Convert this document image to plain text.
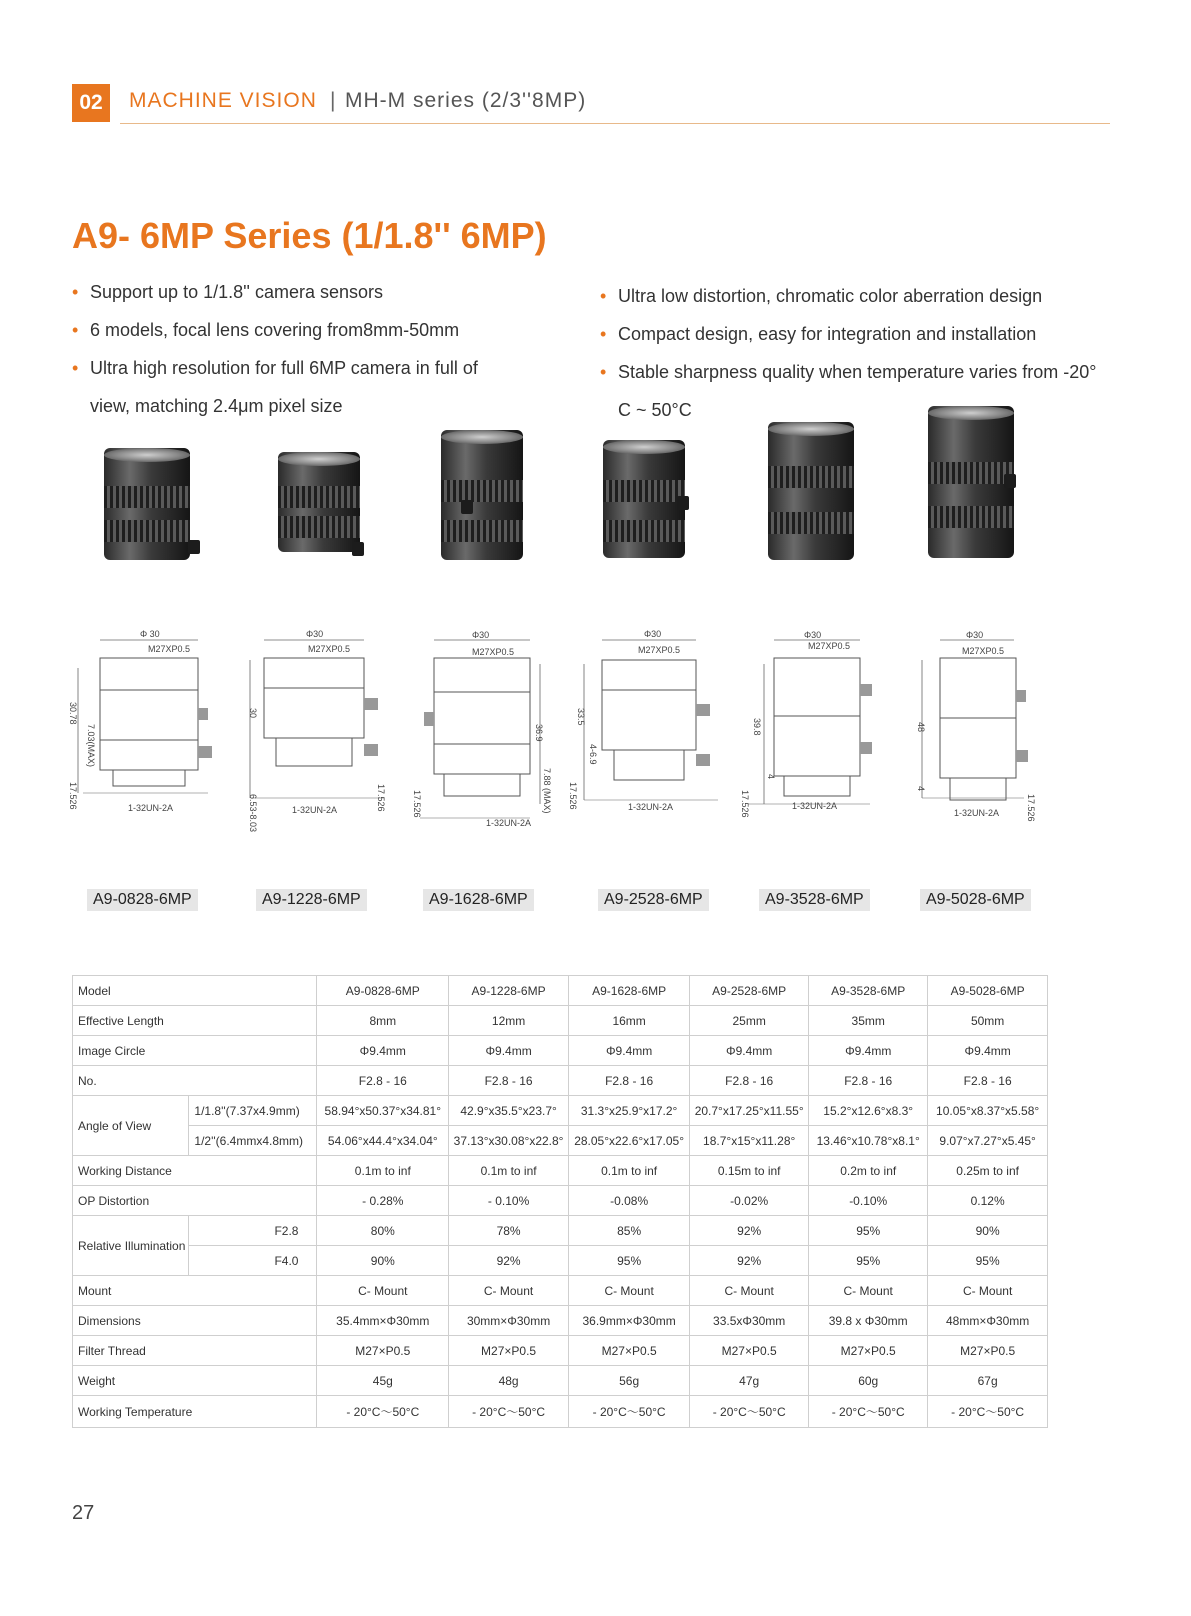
02	MACHINE VISION | MH-M series (2/3''8MP)
A9- 6MP Series (1/1.8'' 6MP)
• Support up to 1/1.8'' camera sensors
• 6 models, focal lens covering from8mm-50mm
• Ultra high resolution for full 6MP camera in full of
view, matching 2.4μm pixel size
• Ultra low distortion, chromatic color aberration design
• Compact design, easy for integration and installation
• Stable sharpness quality when temperature varies from -20°
C ~ 50°C
Φ 30
M27XP0.5
1-32UN-2A
30.78
7.03(MAX)
17.526
Φ30
M27XP0.5
1-32UN-2A
30
6.53-8.03	17.526
Φ30
M27XP0.5
1-32UN-2A
36.9
7.88 (MAX)
17.526
Φ30
M27XP0.5
1-32UN-2A
33.5
4-6.9
17.526
Φ30
M27XP0.5
1-32UN-2A
39.8
4
17.526
Φ30
M27XP0.5
1-32UN-2A
48
4
17.526
A9-0828-6MP	A9-1228-6MP	A9-1628-6MP	A9-2528-6MP	A9-3528-6MP	A9-5028-6MP
Model		A9-0828-6MP	A9-1228-6MP	A9-1628-6MP	A9-2528-6MP	A9-3528-6MP	A9-5028-6MP
Effective Length		8mm	12mm	16mm	25mm	35mm	50mm
Image Circle		Φ9.4mm	Φ9.4mm	Φ9.4mm	Φ9.4mm	Φ9.4mm	Φ9.4mm
No.		F2.8 - 16	F2.8 - 16	F2.8 - 16	F2.8 - 16	F2.8 - 16	F2.8 - 16
Angle of View	1/1.8''(7.37x4.9mm)	58.94°x50.37°x34.81°	42.9°x35.5°x23.7°	31.3°x25.9°x17.2°	20.7°x17.25°x11.55°	15.2°x12.6°x8.3°	10.05°x8.37°x5.58°
	1/2''(6.4mmx4.8mm)	54.06°x44.4°x34.04°	37.13°x30.08°x22.8°	28.05°x22.6°x17.05°	18.7°x15°x11.28°	13.46°x10.78°x8.1°	9.07°x7.27°x5.45°
Working Distance		0.1m to inf	0.1m to inf	0.1m to inf	0.15m to inf	0.2m to inf	0.25m to inf
OP Distortion		- 0.28%	- 0.10%	-0.08%	-0.02%	-0.10%	0.12%
Relative Illumination	F2.8	80%	78%	85%	92%	95%	90%
	F4.0	90%	92%	95%	92%	95%	95%
Mount		C- Mount	C- Mount	C- Mount	C- Mount	C- Mount	C- Mount
Dimensions		35.4mm×Φ30mm	30mm×Φ30mm	36.9mm×Φ30mm	33.5xΦ30mm	39.8 x Φ30mm	48mm×Φ30mm
Filter Thread		M27×P0.5	M27×P0.5	M27×P0.5	M27×P0.5	M27×P0.5	M27×P0.5
Weight		45g	48g	56g	47g	60g	67g
Working Temperature		- 20°C～50°C	- 20°C～50°C	- 20°C～50°C	- 20°C～50°C	- 20°C～50°C	- 20°C～50°C
27
